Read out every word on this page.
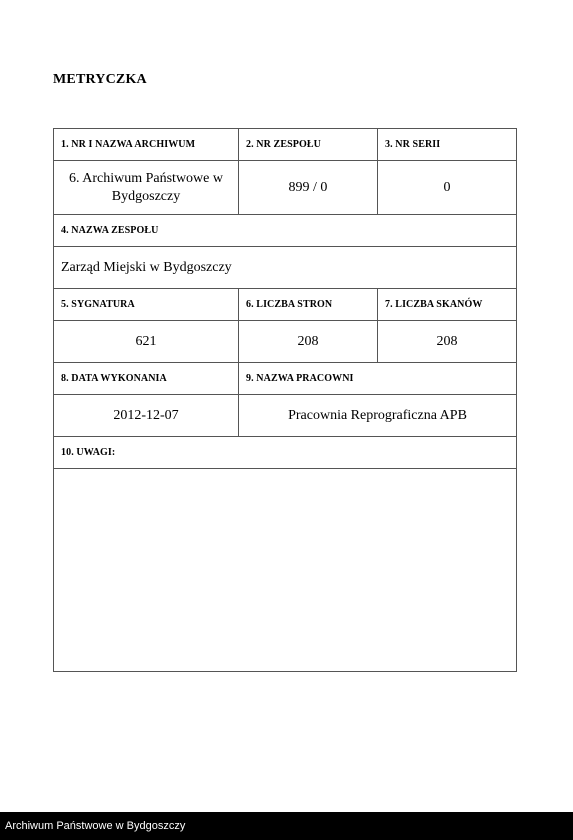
METRYCZKA
1. NR I NAZWA ARCHIWUM	2. NR ZESPOŁU	3. NR SERII
6. Archiwum Państwowe w Bydgoszczy	899 / 0	0
4. NAZWA ZESPOŁU		
Zarząd Miejski w Bydgoszczy		
5. SYGNATURA	6. LICZBA STRON	7. LICZBA SKANÓW
621	208	208
8. DATA WYKONANIA	9. NAZWA PRACOWNI	
2012-12-07	Pracownia Reprograficzna APB	
10. UWAGI:		

Archiwum Państwowe w Bydgoszczy
